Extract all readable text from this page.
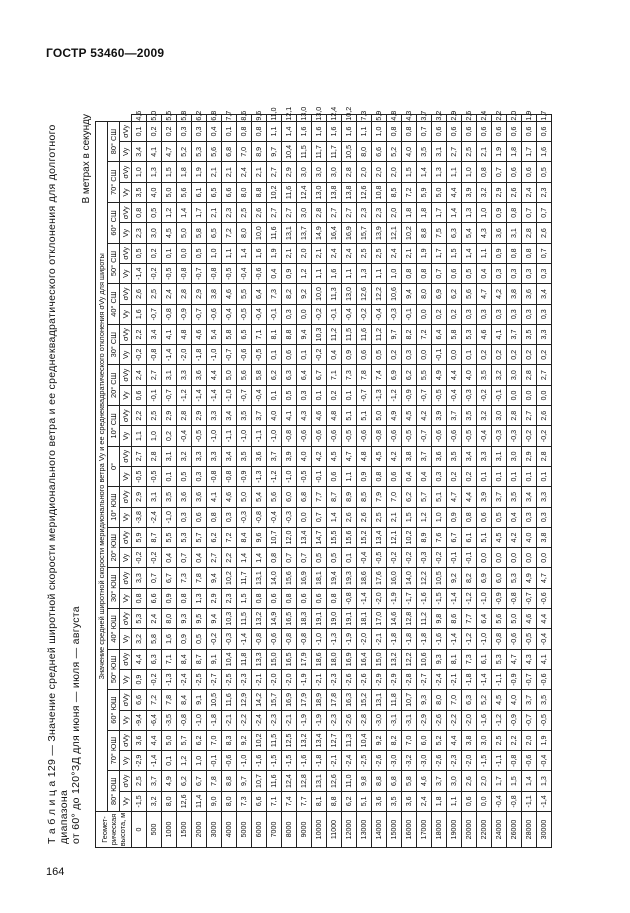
ГОСТР 53460—2009
Т а б л и ц а 129 — Значение средней широтной скорости меридионального ветра и ее среднеквадратического отклонения для долготного диапазона от 60° до 120°ЗД для июня — июля — августа
В метрах в секунду
Геомет-рическая высота, м	Значение средней широтной скорости меридионального ветра Vy и ее среднеквадратического отклонения σVy для широты																																		
	80° ЮШ		70° ЮШ		60° ЮШ		50° ЮШ		40° ЮШ		30° ЮШ		20° ЮШ		10° ЮШ		0°		10° СШ		20° СШ		30° СШ		40° СШ		50° СШ		60° СШ		70° СШ		80° СШ		
	Vy	σVy	Vy	σVy	Vy	σVy	Vy	σVy	Vy	σVy	Vy	σVy	Vy	σVy	Vy	σVy	Vy	σVy	Vy	σVy	Vy	σVy	Vy	σVy	Vy	σVy	Vy	σVy	Vy	σVy	Vy	σVy	Vy	σVy	
0	-1,5	2,5	-2,9	3,6	-9,4	6,6	0,9	4,4	3,2	5,3	0,8	3,3	-0,2	5,9	-3,8	2,9	-0,5	2,7	1,1	2,2	0,6	2,4	-0,2	2,2	1,6	2,6	-1,4	0,5	2,3	0,8	3,5	1,0	3,4	0,1	4,6
500	3,2	3,7	-1,4	4,4	-6,4	7,2	-0,2	6,3	5,8	2,4	6,6	0,7	-0,2	8,7	-2,4	3,1	-0,5	2,8	1,0	2,5	-0,1	2,7	-0,8	3,4	-0,7	2,5	-0,2	0,2	3,0	0,5	4,0	1,3	4,1	0,2	5,0
1000	8,0	4,9	0,1	5,0	-3,5	7,8	-1,3	7,1	1,6	8,0	0,9	6,7	0,4	5,5	-1,0	3,5	0,1	3,1	0,2	2,9	-0,7	3,1	-1,4	4,1	-0,8	2,4	-0,5	0,1	4,5	1,2	5,0	1,5	4,7	0,2	5,5
1500	12,6	6,2	1,2	5,7	-0,8	8,4	-2,4	8,4	0,9	9,3	0,8	7,3	0,7	5,3	0,3	3,6	0,5	3,2	-0,4	2,8	-1,2	3,3	-2,0	4,8	-0,9	2,8	-0,8	0,0	5,0	1,4	5,6	1,8	5,2	0,3	5,8
2000	11,4	6,7	1,0	6,2	-1,0	9,1	-2,5	8,7	0,5	9,5	1,3	7,8	0,4	5,7	0,6	3,6	0,3	3,3	-0,5	2,9	-1,4	3,6	-1,8	4,6	-0,7	2,9	-0,7	0,5	5,8	1,7	6,1	1,9	5,3	0,3	6,2
3000	9,0	7,8	-0,1	7,0	-1,8	10,5	-2,7	9,1	-0,2	9,4	2,9	9,4	2,7	6,2	0,8	4,1	-0,8	3,3	-1,0	3,3	-1,4	4,4	-1,0	5,4	-0,6	3,8	-0,8	1,0	6,5	2,1	6,5	2,1	5,6	0,4	6,8
4000	8,0	8,8	-0,6	8,3	-2,1	11,6	-2,5	10,4	-0,3	10,3	2,3	10,2	2,2	7,2	0,3	4,6	-0,8	3,4	-1,1	3,4	-1,0	5,0	-0,7	5,8	-0,4	4,6	-0,5	1,1	7,2	2,3	6,6	2,1	6,8	0,1	7,7
5000	7,3	9,7	-1,0	9,2	-2,2	12,9	-2,3	11,8	-1,4	11,5	1,5	11,7	1,4	8,4	-0,3	5,0	-0,9	3,5	-1,0	3,5	-0,7	5,6	-0,6	6,5	-0,5	5,5	-0,4	1,4	8,0	2,5	8,0	2,4	7,0	0,8	8,6
6000	6,6	10,7	-1,6	10,2	-2,4	14,2	-2,1	13,3	-0,8	13,2	0,8	13,1	1,4	9,6	-0,8	5,4	-1,3	3,6	-1,1	3,7	-0,4	5,8	-0,5	7,1	-0,4	6,4	-0,6	1,6	10,0	2,6	8,8	2,1	8,9	0,8	9,6
7000	7,1	11,6	-1,5	11,5	-2,3	15,7	-2,0	15,0	-0,6	14,9	0,6	14,0	0,8	10,7	-0,4	5,6	-1,2	3,7	-1,0	4,0	0,1	6,2	0,1	8,1	-0,1	7,3	0,4	1,9	11,6	2,7	10,2	2,7	9,7	1,1	11,0
8000	7,4	12,4	-1,5	12,5	-2,1	16,9	-2,0	16,5	-0,8	16,5	0,8	15,6	0,7	12,0	-0,3	6,0	-1,0	3,9	-0,8	4,1	0,5	6,3	0,6	8,8	0,3	8,2	0,9	2,1	13,1	2,7	11,6	2,9	10,4	1,4	12,1
9000	7,7	12,8	-1,6	13,2	-1,9	17,9	-1,9	17,9	-0,8	18,3	0,6	16,9	0,7	13,4	0,0	6,8	-0,5	4,0	-0,6	4,3	0,3	6,4	0,1	9,4	0,0	9,2	1,2	2,0	13,7	3,0	12,4	3,0	11,5	1,6	13,0
10000	8,1	13,1	-1,8	13,4	-1,9	18,9	-2,1	18,6	-1,0	19,1	0,6	18,1	0,5	14,7	0,7	7,7	-0,1	4,2	-0,6	4,6	0,1	6,7	-0,2	10,3	-0,2	10,0	1,1	2,1	14,9	2,8	13,0	3,0	11,7	1,6	13,0
11000	8,8	12,6	-2,1	12,7	-2,3	17,8	-2,3	18,0	-1,3	19,0	0,8	19,4	0,5	15,5	1,4	8,7	0,6	4,5	-0,6	4,8	0,2	7,1	0,4	11,2	-0,1	11,3	1,6	2,4	16,4	2,7	13,8	3,0	11,7	1,6	12,4
12000	6,2	11,0	-2,4	11,3	-2,6	16,3	-2,6	16,9	-1,9	19,1	-0,8	19,3	0,1	15,6	2,6	8,9	1,1	4,7	-0,5	5,1	0,1	7,3	0,9	11,5	-0,4	13,0	1,1	2,4	16,9	2,7	13,8	2,8	10,5	1,6	10,2
13000	5,1	9,8	-2,5	10,4	-2,8	15,2	-2,6	16,4	-2,0	18,1	-1,4	18,6	-0,4	15,2	2,6	8,5	0,9	4,8	-0,6	5,1	-0,7	7,8	0,6	11,6	-0,2	12,6	1,3	2,5	15,7	2,3	12,6	2,0	8,0	1,1	7,3
14000	3,6	8,8	-2,6	9,2	-3,0	13,1	-2,9	15,0	-2,1	17,0	-2,0	17,6	-0,5	13,4	2,5	7,9	0,8	4,5	-0,8	5,0	-1,3	7,4	0,5	11,2	-0,4	12,2	1,1	2,5	13,9	2,3	10,8	2,0	6,6	1,0	5,9
15000	3,5	6,8	-3,0	8,2	-3,1	11,8	-2,9	13,2	-1,8	14,6	-1,9	16,0	-0,2	12,1	2,1	7,0	0,6	4,2	-0,6	4,9	-1,2	6,9	0,2	9,7	-0,3	10,6	1,0	2,4	12,1	2,0	8,5	2,0	5,2	0,8	4,8
16000	3,6	5,8	-3,2	7,0	-3,1	10,7	-2,8	12,2	-1,8	12,8	-1,7	14,0	-0,2	10,2	1,5	6,2	0,4	3,8	-0,5	4,5	-0,9	6,2	0,3	8,2	-0,1	9,4	0,8	2,1	10,2	1,8	7,2	1,5	4,0	0,8	4,3
17000	2,4	4,6	-3,0	6,0	-2,9	9,3	-2,7	10,6	-1,8	11,2	-1,6	12,2	-0,3	8,9	1,2	5,7	0,4	3,7	-0,7	4,2	-0,7	5,5	0,0	7,2	0,0	8,0	0,8	1,9	8,8	1,8	5,9	1,4	3,5	0,7	3,7
18000	1,8	3,7	-2,6	5,2	-2,6	8,0	-2,4	9,3	-1,6	9,8	-1,5	10,5	-0,2	7,6	1,0	5,1	0,3	3,6	-0,6	3,9	-0,5	4,9	-0,1	6,4	0,2	6,9	0,7	1,7	7,5	1,7	5,0	1,3	3,1	0,6	3,2
19000	1,1	3,0	-2,3	4,4	-2,2	7,0	-2,1	8,1	-1,4	8,6	-1,4	9,2	-0,1	6,7	0,9	4,7	0,2	3,5	-0,6	3,7	-0,4	4,4	0,0	5,8	0,2	6,2	0,6	1,5	6,3	1,4	4,4	1,1	2,7	0,6	2,9
20000	0,6	2,6	-2,0	3,8	-2,0	6,3	-1,8	7,3	-1,2	7,7	-1,2	8,2	-0,1	6,1	0,8	4,4	0,2	3,4	-0,5	3,5	-0,3	4,0	0,1	5,3	0,3	5,6	0,5	1,4	5,4	1,3	3,9	1,0	2,5	0,6	2,6
22000	0,0	2,0	-1,5	3,0	-1,6	5,2	-1,4	6,1	-1,0	6,4	-1,0	6,9	0,0	5,1	0,6	3,9	0,1	3,3	-0,4	3,2	-0,2	3,5	0,2	4,6	0,3	4,7	0,4	1,1	4,3	1,0	3,2	0,8	2,1	0,6	2,4
24000	-0,4	1,7	-1,1	2,5	-1,2	4,5	-1,1	5,3	-0,8	5,6	-0,9	6,0	0,0	4,5	0,5	3,7	0,1	3,1	-0,3	3,0	-0,1	3,2	0,2	4,1	0,3	4,2	0,3	0,9	3,6	0,9	2,9	0,7	1,9	0,6	2,2
26000	-0,8	1,5	-0,8	2,2	-0,9	4,0	-0,9	4,7	-0,6	5,0	-0,8	5,3	0,0	4,2	0,4	3,5	0,1	3,0	-0,3	2,8	0,0	3,0	0,2	3,7	0,3	3,8	0,3	0,8	3,1	0,8	2,6	0,6	1,8	0,6	2,0
28000	-1,1	1,4	-0,6	2,0	-0,7	3,7	-0,7	4,3	-0,5	4,6	-0,7	4,9	0,0	4,0	0,3	3,4	0,1	2,9	-0,2	2,7	0,0	2,8	0,2	3,5	0,3	3,6	0,3	0,8	2,8	0,7	2,4	0,6	1,7	0,6	1,9
30000	-1,4	1,3	-0,4	1,9	-0,5	3,5	-0,6	4,1	-0,4	4,4	-0,6	4,7	0,0	3,8	0,3	3,3	0,1	2,8	-0,2	2,6	0,0	2,7	0,2	3,3	0,3	3,4	0,3	0,7	2,6	0,7	2,3	0,5	1,6	0,6	1,7
164
